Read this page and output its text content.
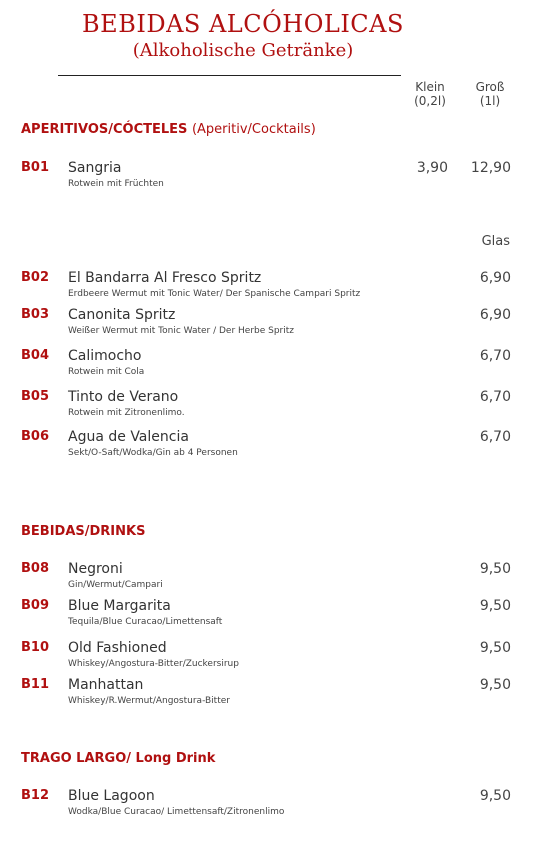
BEBIDAS ALCÓHOLICAS
(Alkoholische Getränke)
Klein
(0,2l)
Groß
(1l)
APERITIVOS/CÓCTELES (Aperitiv/Cocktails)
B01 Sangria
Rotwein mit Früchten
3,90 12,90
Glas
B02 El Bandarra Al Fresco Spritz
Erdbeere Wermut mit Tonic Water/ Der Spanische Campari Spritz
6,90
B03 Canonita Spritz
Weißer Wermut mit Tonic Water / Der Herbe Spritz
6,90
B04 Calimocho
Rotwein mit Cola
6,70
B05 Tinto de Verano
Rotwein mit Zitronenlimo.
6,70
B06 Agua de Valencia
Sekt/O-Saft/Wodka/Gin ab 4 Personen
6,70
BEBIDAS/DRINKS
B08 Negroni
Gin/Wermut/Campari
9,50
B09 Blue Margarita
Tequila/Blue Curacao/Limettensaft
9,50
B10 Old Fashioned
Whiskey/Angostura-Bitter/Zuckersirup
9,50
B11 Manhattan
Whiskey/R.Wermut/Angostura-Bitter
9,50
TRAGO LARGO/ Long Drink
B12 Blue Lagoon
Wodka/Blue Curacao/ Limettensaft/Zitronenlimo
9,50
